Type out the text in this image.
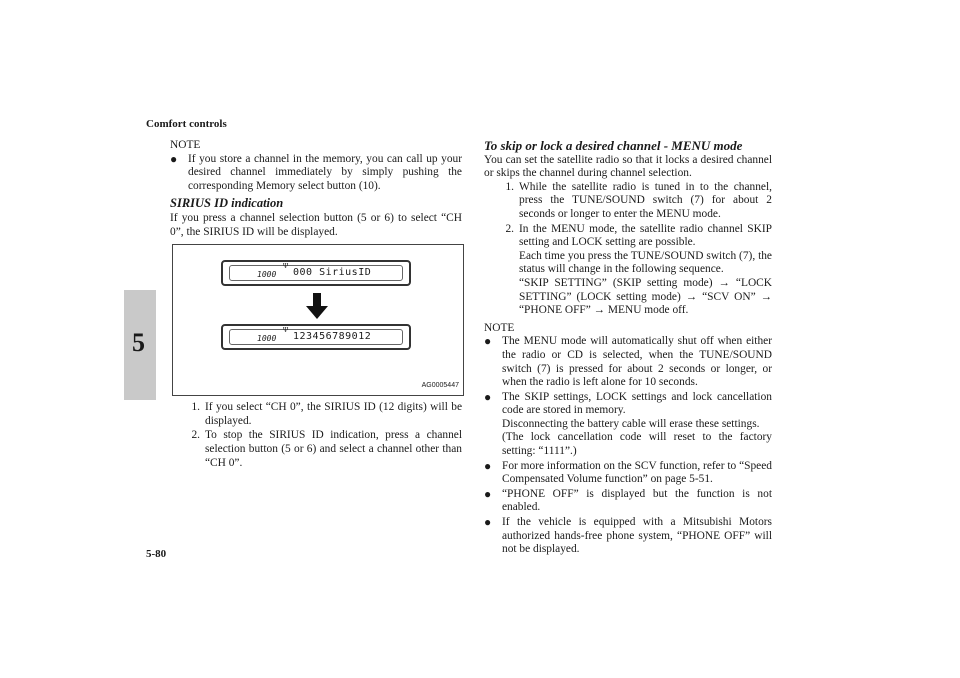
Comfort controls
5
NOTE
● If you store a channel in the memory, you can call up your desired channel immediately by simply pushing the corresponding Memory select button (10).
SIRIUS ID indication

If you press a channel selection button (5 or 6) to select “CH 0”, the SIRIUS ID will be displayed.

1000
Ψ
000 SiriusID
1000
Ψ
123456789012
AG0005447
1. If you select “CH 0”, the SIRIUS ID (12 digits) will be displayed.
2. To stop the SIRIUS ID indication, press a channel selection button (5 or 6) and select a channel other than “CH 0”.
To skip or lock a desired channel - MENU mode

You can set the satellite radio so that it locks a desired channel or skips the channel during channel selection.

1. While the satellite radio is tuned in to the channel, press the TUNE/SOUND switch (7) for about 2 seconds or longer to enter the MENU mode.
2. In the MENU mode, the satellite radio channel SKIP setting and LOCK setting are possible.
Each time you press the TUNE/SOUND switch (7), the status will change in the following sequence.
“SKIP SETTING” (SKIP setting mode) → “LOCK SETTING” (LOCK setting mode) → “SCV ON” → “PHONE OFF” → MENU mode off.
NOTE
● The MENU mode will automatically shut off when either the radio or CD is selected, when the TUNE/SOUND switch (7) is pressed for about 2 seconds or longer, or when the radio is left alone for 10 seconds.
● The SKIP settings, LOCK settings and lock cancellation code are stored in memory.
Disconnecting the battery cable will erase these settings.
(The lock cancellation code will reset to the factory setting: “1111”.)
● For more information on the SCV function, refer to “Speed Compensated Volume function” on page 5-51.
● “PHONE OFF” is displayed but the function is not enabled.
● If the vehicle is equipped with a Mitsubishi Motors authorized hands-free phone system, “PHONE OFF” will not be displayed.
5-80
